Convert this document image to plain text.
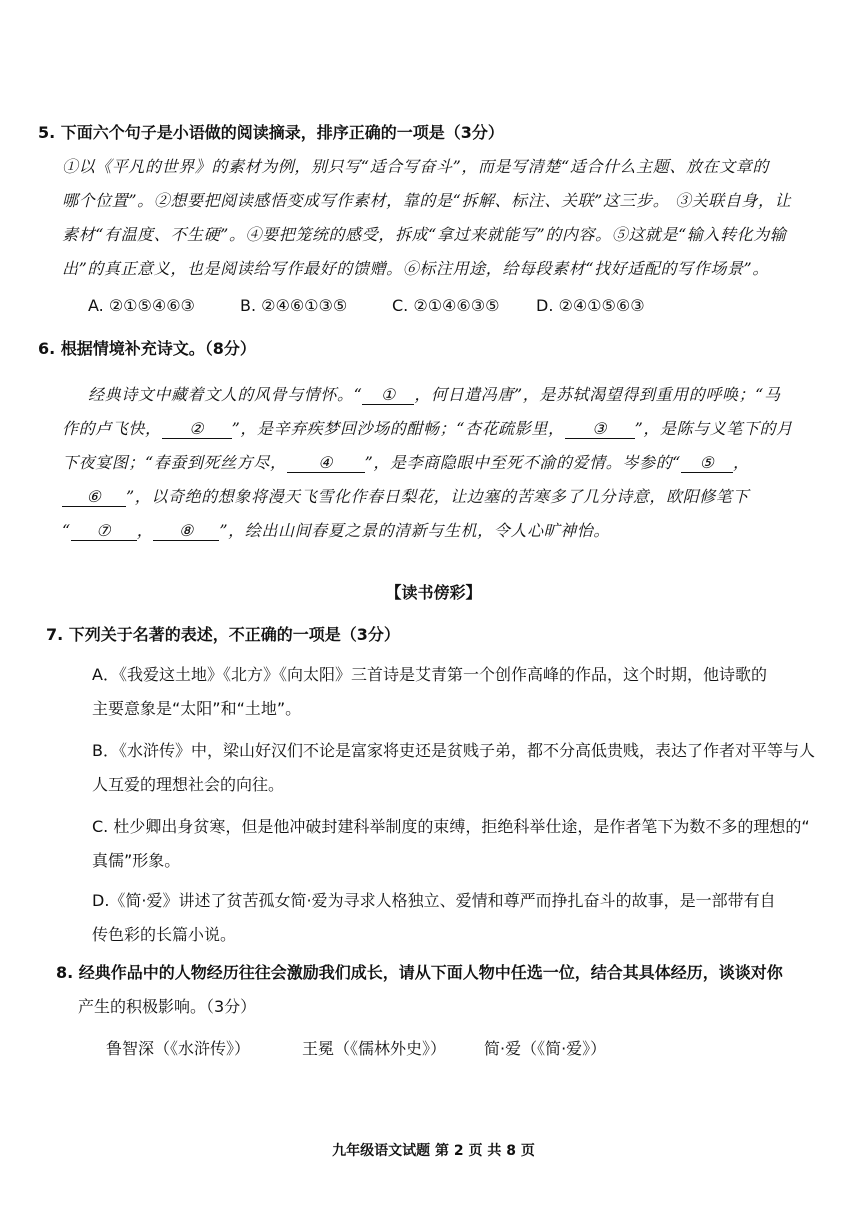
5. 下面六个句子是小语做的阅读摘录，排序正确的一项是（3分）
①以《平凡的世界》的素材为例，别只写“适合写奋斗”，而是写清楚“适合什么主题、放在文章的
哪个位置”。②想要把阅读感悟变成写作素材，靠的是“拆解、标注、关联”这三步。 ③关联自身，让
素材“有温度、不生硬”。④要把笼统的感受，拆成“拿过来就能写”的内容。⑤这就是“输入转化为输
出”的真正意义，也是阅读给写作最好的馈赠。⑥标注用途，给每段素材“找好适配的写作场景”。
A. ②①⑤④⑥③	B. ②④⑥①③⑤	C. ②①④⑥③⑤ D. ②④①⑤⑥③
6. 根据情境补充诗文。（8分）
经典诗文中藏着文人的风骨与情怀。“ ① ，何日遣冯唐”，是苏轼渴望得到重用的呼唤；“马
作的卢飞快， ② ”，是辛弃疾梦回沙场的酣畅；“杏花疏影里， ③ ”，是陈与义笔下的月
下夜宴图；“春蚕到死丝方尽， ④ ”，是李商隐眼中至死不渝的爱情。岑参的“ ⑤ ，
⑥ ”，以奇绝的想象将漫天飞雪化作春日梨花，让边塞的苦寒多了几分诗意，欧阳修笔下
“ ⑦ ， ⑧ ”，绘出山间春夏之景的清新与生机，令人心旷神怡。
【读书傍彩】
7. 下列关于名著的表述，不正确的一项是（3分）
A．《我爱这土地》《北方》《向太阳》三首诗是艾青第一个创作高峰的作品，这个时期，他诗歌的
主要意象是“太阳”和“土地”。
B．《水浒传》中，梁山好汉们不论是富家将吏还是贫贱子弟，都不分高低贵贱，表达了作者对平等与人
人互爱的理想社会的向往。
C. 杜少卿出身贫寒，但是他冲破封建科举制度的束缚，拒绝科举仕途，是作者笔下为数不多的理想的“
真儒”形象。
D.《简·爱》讲述了贫苦孤女简·爱为寻求人格独立、爱情和尊严而挣扎奋斗的故事，是一部带有自
传色彩的长篇小说。
8. 经典作品中的人物经历往往会激励我们成长，请从下面人物中任选一位，结合其具体经历，谈谈对你
产生的积极影响。（3分）
鲁智深（《水浒传》）	王冕（《儒林外史》） 简·爱（《简·爱》）
九年级语文试题 第 2 页 共 8 页
